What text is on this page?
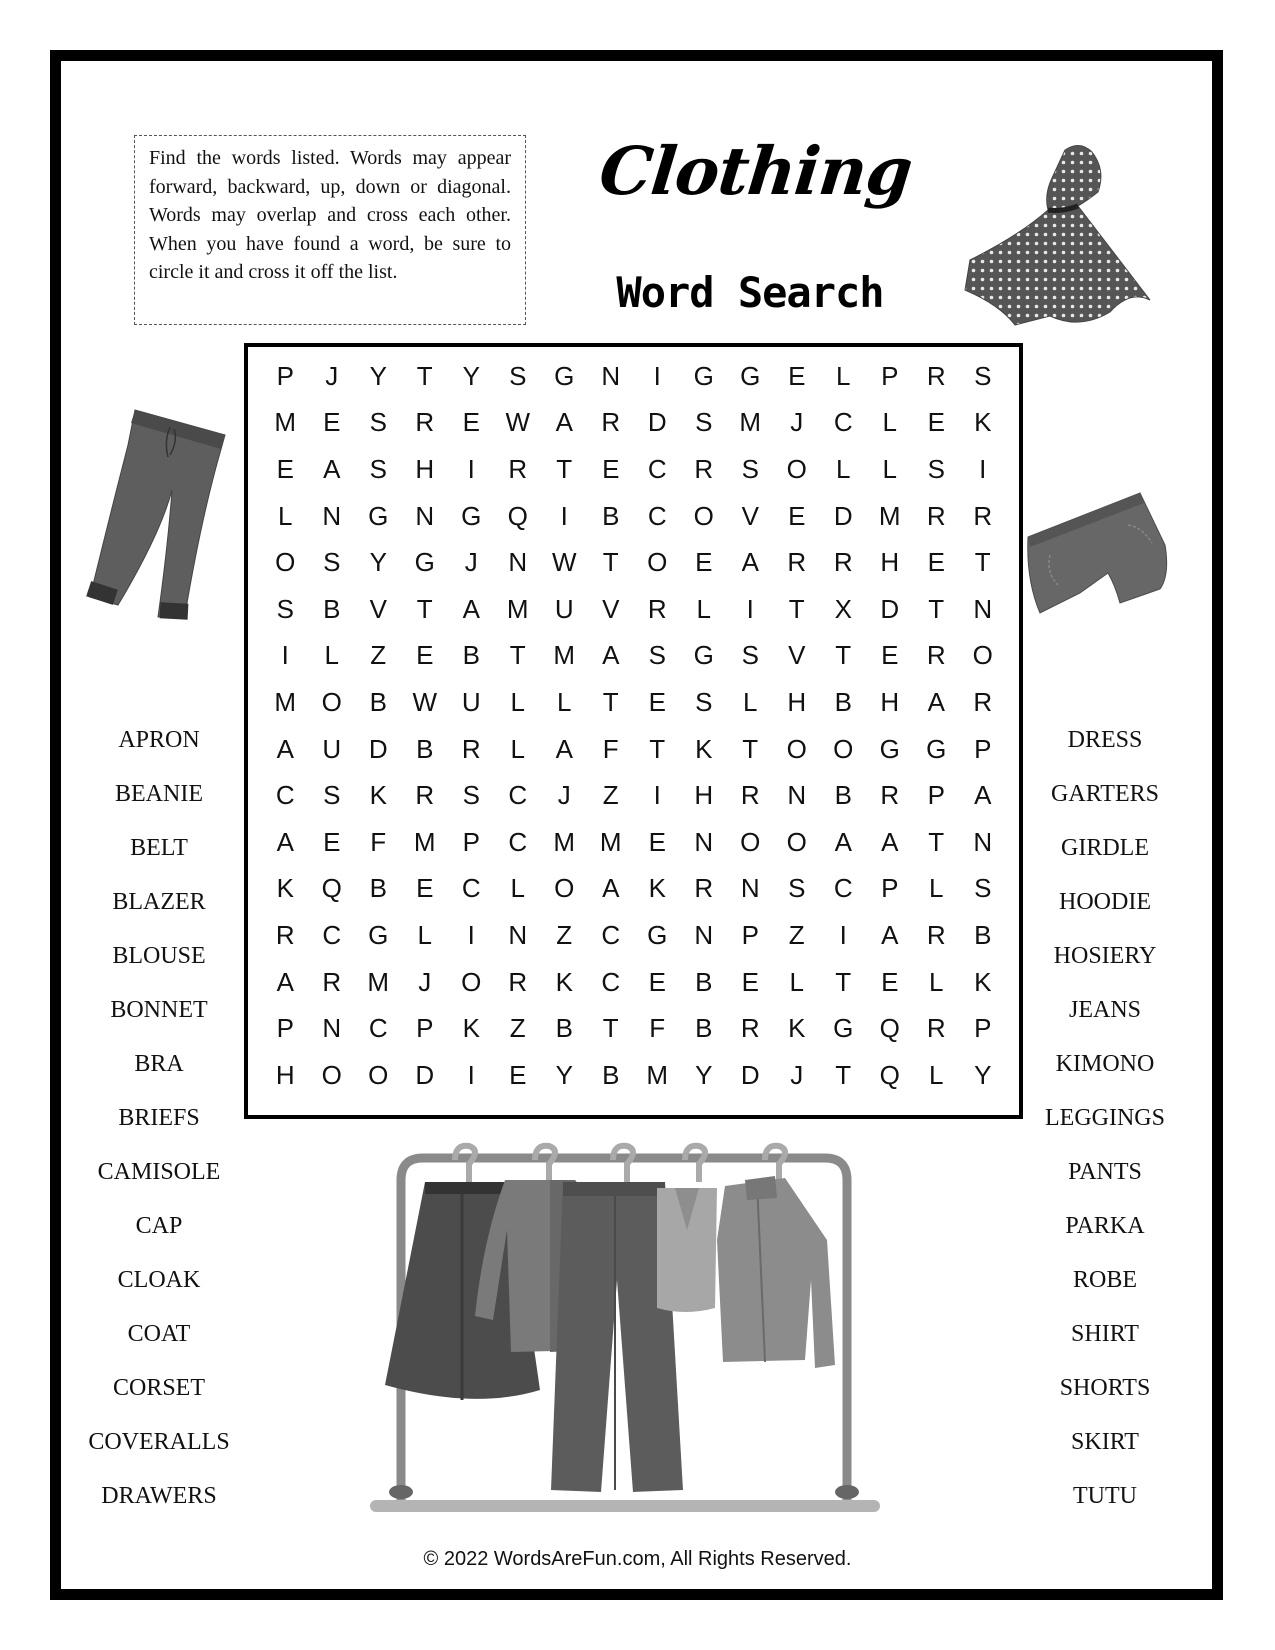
Find the words listed. Words may appear forward, backward, up, down or diagonal. Words may overlap and cross each other. When you have found a word, be sure to circle it and cross it off the list.
Clothing
Word Search
P	J	Y	T	Y	S	G	N	I	G	G	E	L	P	R	S
M	E	S	R	E W A	R	D	S	M	J	C	L	E	K
E	A	S	H	I	R	T	E	C	R	S	O	L	L	S	I
L	N	G	N	G	Q	I	B	C	O	V	E	D	M	R	R
O	S	Y	G	J	N W	T	O	E	A	R	R	H	E	T
S	B	V	T	A	M	U	V	R	L	I	T	X	D	T	N
I	L	Z	E	B	T	M	A	S	G	S	V	T	E	R	O
M O	B W U	L	L	T	E	S	L	H	B	H	A	R
A	U	D	B	R	L	A	F	T	K	T	O	O	G	G	P
C	S	K	R	S	C	J	Z	I	H	R	N	B	R	P	A
A	E	F	M	P	C	M M	E	N	O	O	A	A	T	N
K	Q	B	E	C	L	O	A	K	R	N	S	C	P	L	S
R	C	G	L	I	N	Z	C	G	N	P	Z	I	A	R	B
A	R	M	J	O	R	K	C	E	B	E	L	T	E	L	K
P	N	C	P	K	Z	B	T	F	B	R	K	G	Q	R	P
H	O	O	D	I	E	Y	B	M	Y	D	J	T	Q	L	Y
APRON
BEANIE
BELT
BLAZER
BLOUSE
BONNET
BRA
BRIEFS
CAMISOLE
CAP
CLOAK
COAT
CORSET
COVERALLS
DRAWERS
DRESS
GARTERS
GIRDLE
HOODIE
HOSIERY
JEANS
KIMONO
LEGGINGS
PANTS
PARKA
ROBE
SHIRT
SHORTS
SKIRT
TUTU
© 2022 WordsAreFun.com, All Rights Reserved.
